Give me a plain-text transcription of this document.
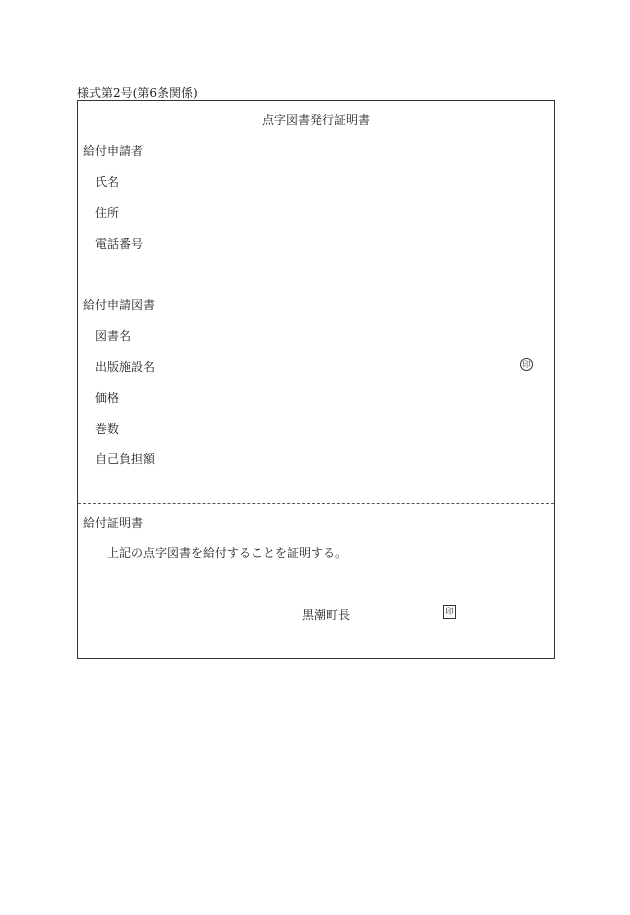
様式第2号(第6条関係)
点字図書発行証明書
給付申請者
氏名
住所
電話番号
給付申請図書
図書名
出版施設名	印
価格
巻数
自己負担額
給付証明書
上記の点字図書を給付することを証明する。
黒潮町長	印
